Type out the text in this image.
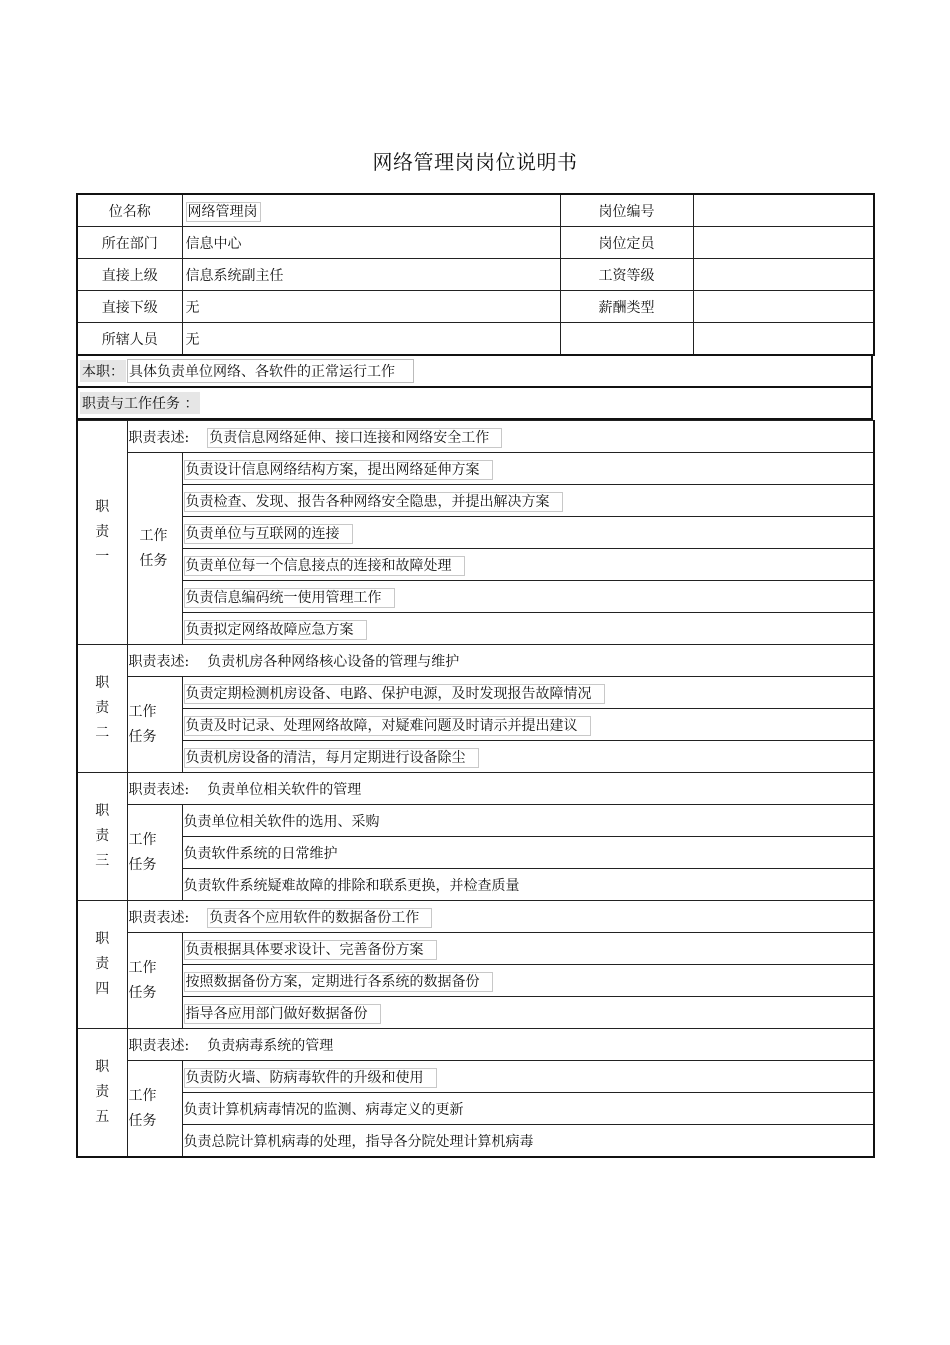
网络管理岗岗位说明书
位名称	网络管理岗	岗位编号	
所在部门	信息中心	岗位定员	
直接上级	信息系统副主任	工资等级	
直接下级	无	薪酬类型	
所辖人员	无		
本职： 具体负责单位网络、各软件的正常运行工作
职责与工作任务 ：
职
责
一	职责表述: 负责信息网络延伸、接口连接和网络安全工作	
	工作
任务	负责设计信息网络结构方案，提出网络延伸方案
		负责检查、发现、报告各种网络安全隐患，并提出解决方案
		负责单位与互联网的连接
		负责单位每一个信息接点的连接和故障处理
		负责信息编码统一使用管理工作
		负责拟定网络故障应急方案
职
责
二	职责表述: 负责机房各种网络核心设备的管理与维护	
	工作
任务	负责定期检测机房设备、电路、保护电源，及时发现报告故障情况
		负责及时记录、处理网络故障，对疑难问题及时请示并提出建议
		负责机房设备的清洁，每月定期进行设备除尘
职
责
三	职责表述: 负责单位相关软件的管理	
	工作
任务	负责单位相关软件的选用、采购
		负责软件系统的日常维护
		负责软件系统疑难故障的排除和联系更换，并检查质量
职
责
四	职责表述: 负责各个应用软件的数据备份工作	
	工作
任务	负责根据具体要求设计、完善备份方案
		按照数据备份方案，定期进行各系统的数据备份
		指导各应用部门做好数据备份
职
责
五	职责表述: 负责病毒系统的管理	
	工作
任务	负责防火墙、防病毒软件的升级和使用
		负责计算机病毒情况的监测、病毒定义的更新
		负责总院计算机病毒的处理，指导各分院处理计算机病毒
